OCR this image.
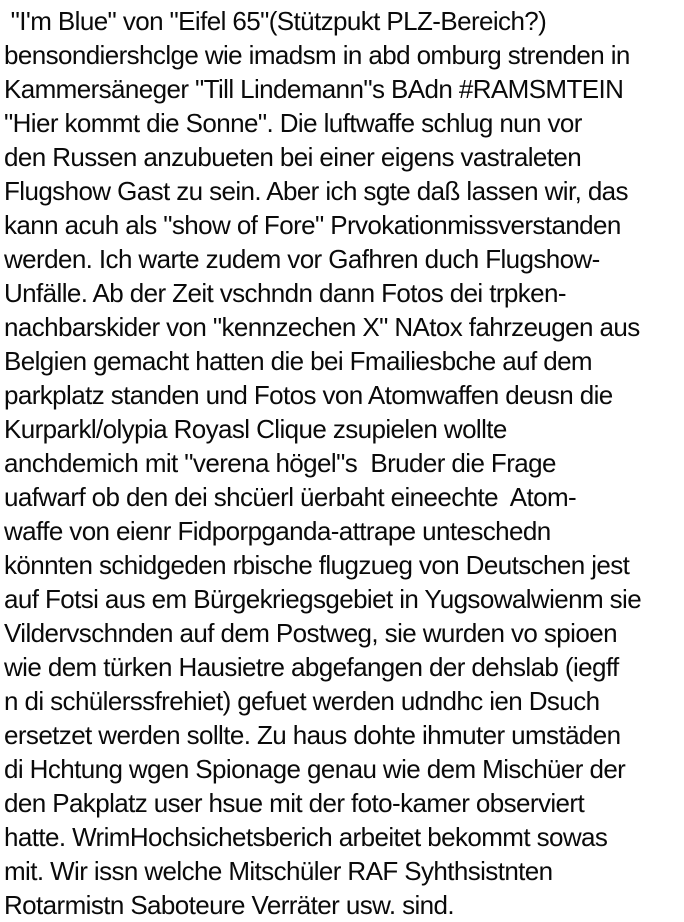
"I'm Blue" von "Eifel 65"(Stützpukt PLZ-Bereich?)
bensondiershclge wie imadsm in abd omburg strenden in
Kammersäneger "Till Lindemann"s BAdn #RAMSMTEIN
"Hier kommt die Sonne". Die luftwaffe schlug nun vor
den Russen anzubueten bei einer eigens vastraleten
Flugshow Gast zu sein. Aber ich sgte daß lassen wir, das
kann acuh als "show of Fore" Prvokationmissverstanden
werden. Ich warte zudem vor Gafhren duch Flugshow-
Unfälle. Ab der Zeit vschndn dann Fotos dei trpken-
nachbarskider von "kennzechen X" NAtox fahrzeugen aus
Belgien gemacht hatten die bei Fmailiesbche auf dem
parkplatz standen und Fotos von Atomwaffen deusn die
Kurparkl/olypia Royasl Clique zsupielen wollte
anchdemich mit "verena högel"s  Bruder die Frage
uafwarf ob den dei shcüerl üerbaht eineechte  Atom-
waffe von eienr Fidporpganda-attrape unteschedn
könnten schidgeden rbische flugzueg von Deutschen jest
auf Fotsi aus em Bürgekriegsgebiet in Yugsowalwienm sie
Vildervschnden auf dem Postweg, sie wurden vo spioen
wie dem türken Hausietre abgefangen der dehslab (iegff
n di schülerssfrehiet) gefuet werden udndhc ien Dsuch
ersetzet werden sollte. Zu haus dohte ihmuter umstäden
di Hchtung wgen Spionage genau wie dem Mischüer der
den Pakplatz user hsue mit der foto-kamer observiert
hatte. WrimHochsichetsberich arbeitet bekommt sowas
mit. Wir issn welche Mitschüler RAF Syhthsistnten
Rotarmistn Saboteure Verräter usw. sind.
